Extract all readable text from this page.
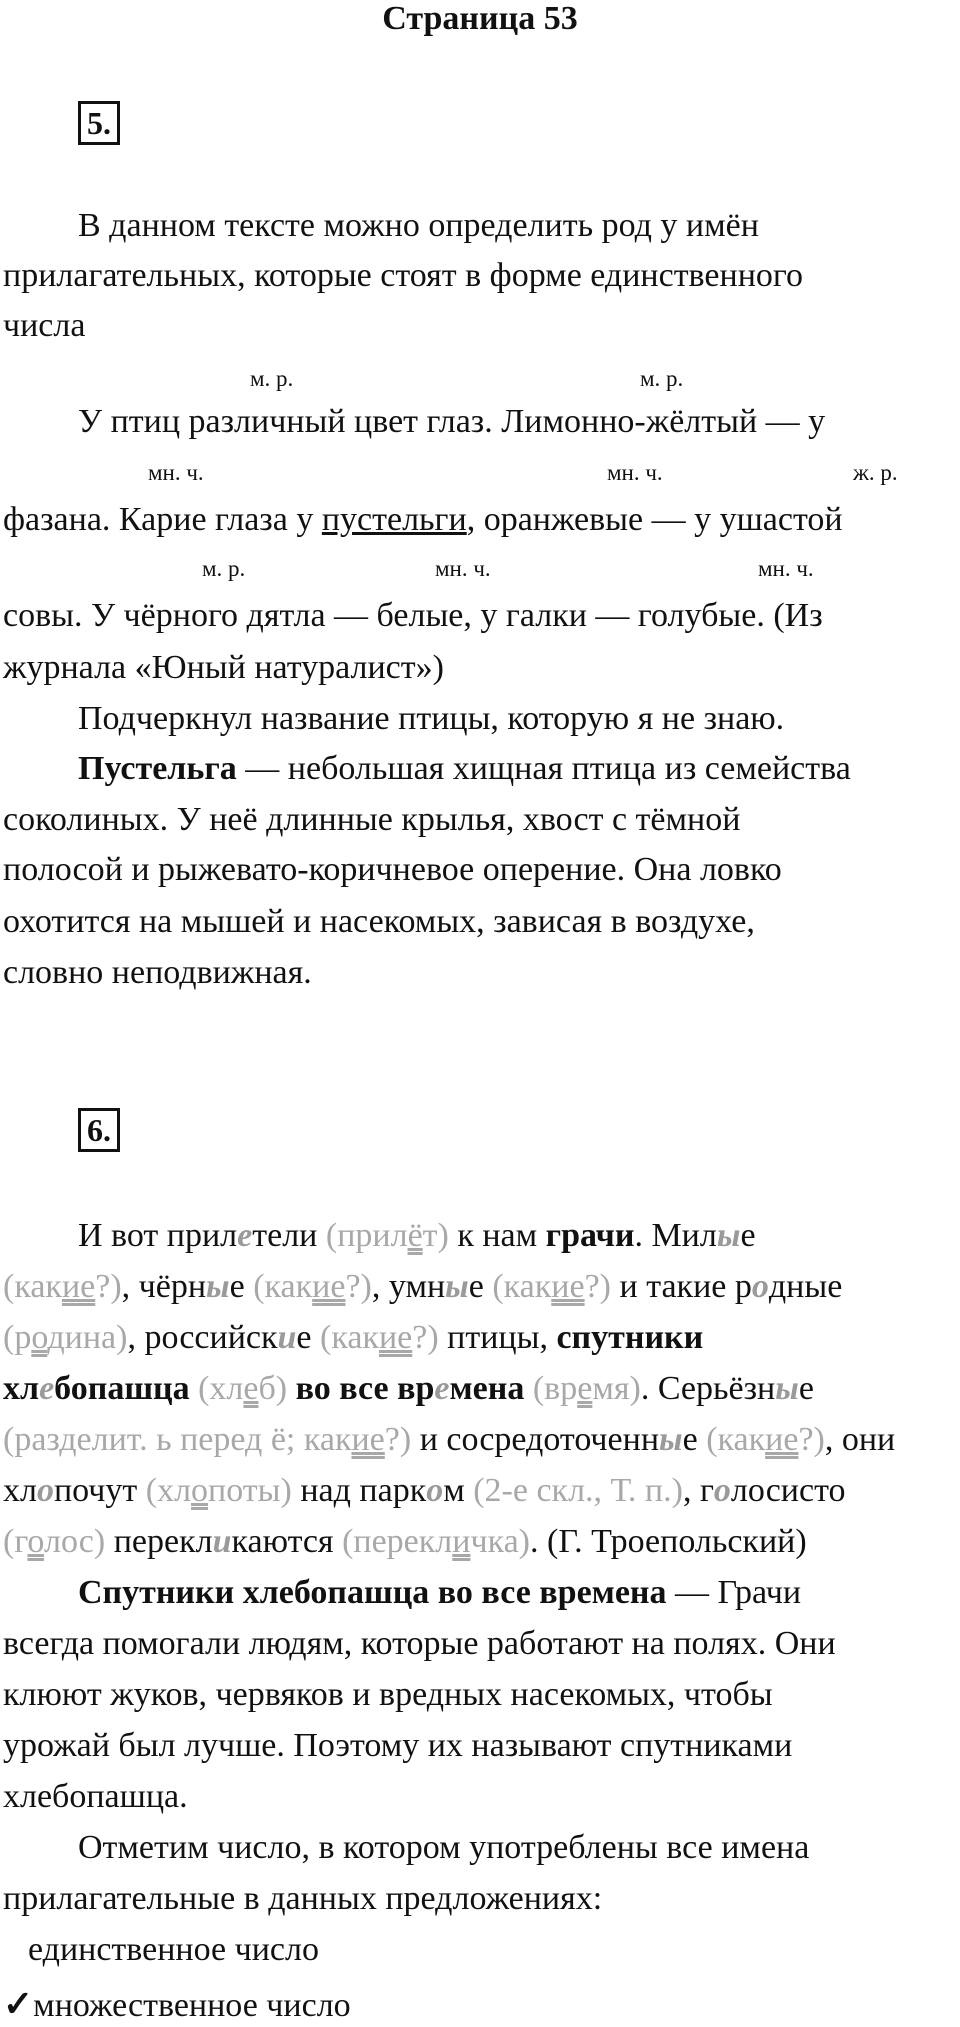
Страница 53
5.
В данном тексте можно определить род у имён
прилагательных, которые стоят в форме единственного
числа
м. р.	м. р.
У птиц различный цвет глаз. Лимонно-жёлтый — у
мн. ч.	мн. ч.	ж. р.
фазана. Карие глаза у пустельги, оранжевые — у ушастой
м. р.	мн. ч.	мн. ч.
совы. У чёрного дятла — белые, у галки — голубые. (Из
журнала «Юный натуралист»)
Подчеркнул название птицы, которую я не знаю.
Пустельга — небольшая хищная птица из семейства
соколиных. У неё длинные крылья, хвост с тёмной
полосой и рыжевато-коричневое оперение. Она ловко
охотится на мышей и насекомых, зависая в воздухе,
словно неподвижная.
6.
И вот прилетели (прилёт) к нам грачи. Милые
(какие?), чёрные (какие?), умные (какие?) и такие родные
(родина), российские (какие?) птицы, спутники
хлебопашца (хлеб) во все времена (время). Серьёзные
(разделит. ь перед ё; какие?) и сосредоточенные (какие?), они
хлопочут (хлопоты) над парком (2-е скл., Т. п.), голосисто
(голос) перекликаются (перекличка). (Г. Троепольский)
Спутники хлебопашца во все времена — Грачи
всегда помогали людям, которые работают на полях. Они
клюют жуков, червяков и вредных насекомых, чтобы
урожай был лучше. Поэтому их называют спутниками
хлебопашца.
Отметим число, в котором употреблены все имена
прилагательные в данных предложениях:
единственное число
✓множественное число
